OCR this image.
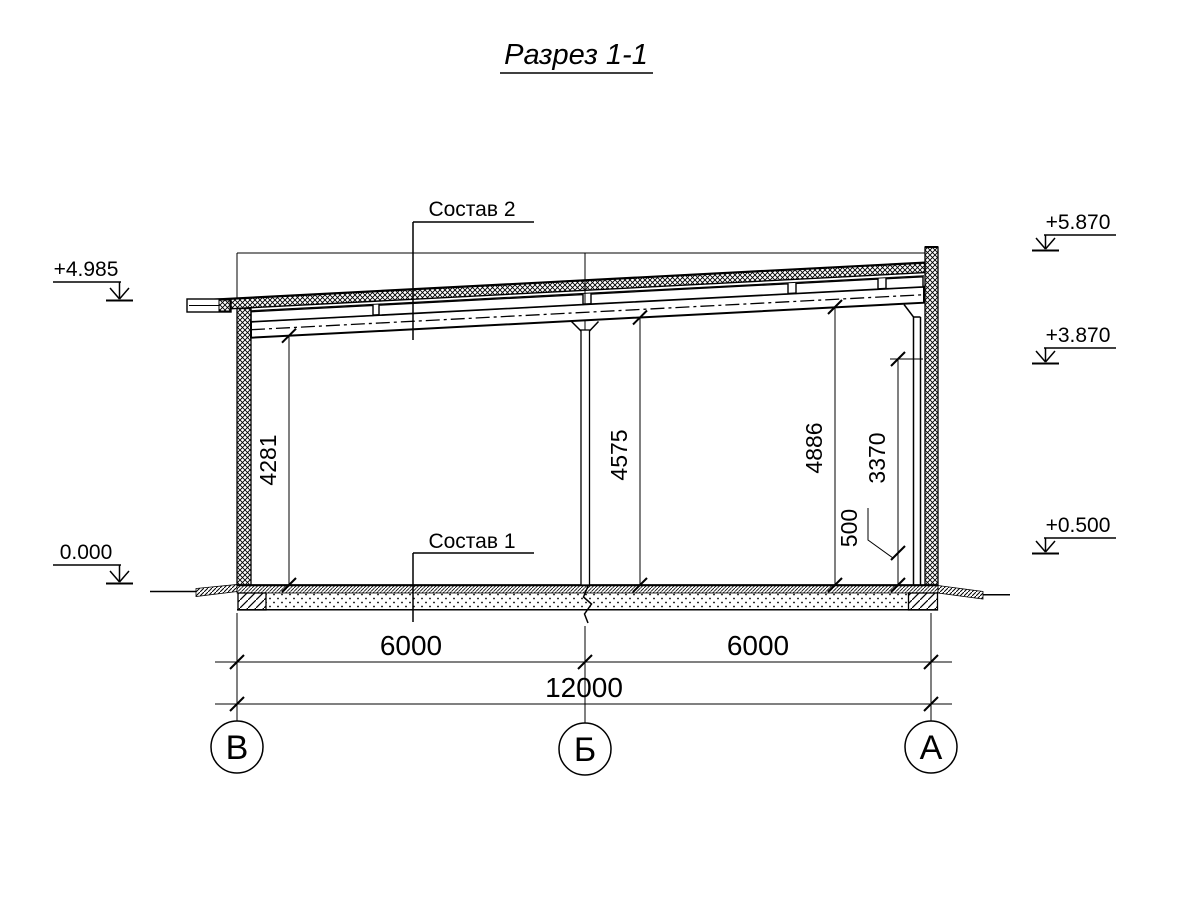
Разрез 1-1
Состав 2
Состав 1
+4.985
0.000
+5.870
+3.870
+0.500
4281	4575	4886 3370
500
6000	6000
12000
В	Б	А
